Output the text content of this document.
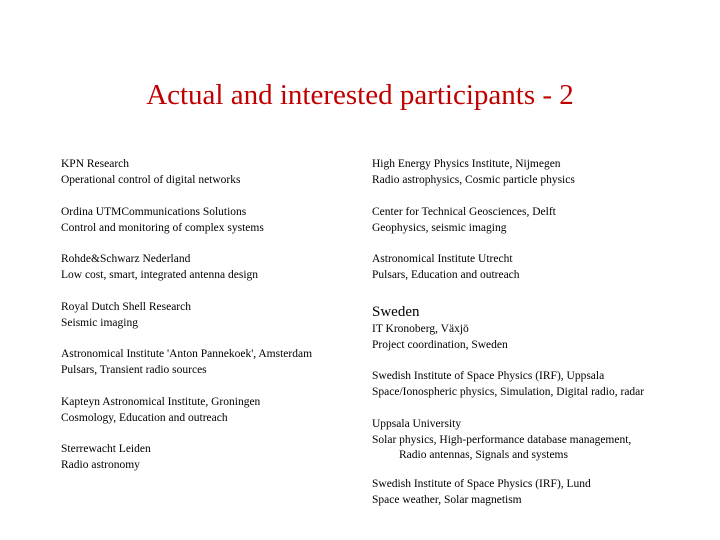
Actual and interested participants - 2
KPN Research
Operational control of digital networks
Ordina UTMCommunications Solutions
Control and monitoring of complex systems
Rohde&Schwarz Nederland
Low cost, smart, integrated antenna design
Royal Dutch Shell Research
Seismic imaging
Astronomical Institute 'Anton Pannekoek', Amsterdam
Pulsars, Transient radio sources
Kapteyn Astronomical Institute, Groningen
Cosmology, Education and outreach
Sterrewacht Leiden
Radio astronomy
High Energy Physics Institute, Nijmegen
Radio astrophysics, Cosmic particle physics
Center for Technical Geosciences, Delft
Geophysics, seismic imaging
Astronomical Institute Utrecht
Pulsars, Education and outreach
Sweden
IT Kronoberg, Växjö
Project coordination, Sweden
Swedish Institute of Space Physics (IRF), Uppsala
Space/Ionospheric physics, Simulation, Digital radio, radar
Uppsala University
Solar physics, High-performance database management,
Radio antennas, Signals and systems
Swedish Institute of Space Physics (IRF), Lund
Space weather, Solar magnetism
